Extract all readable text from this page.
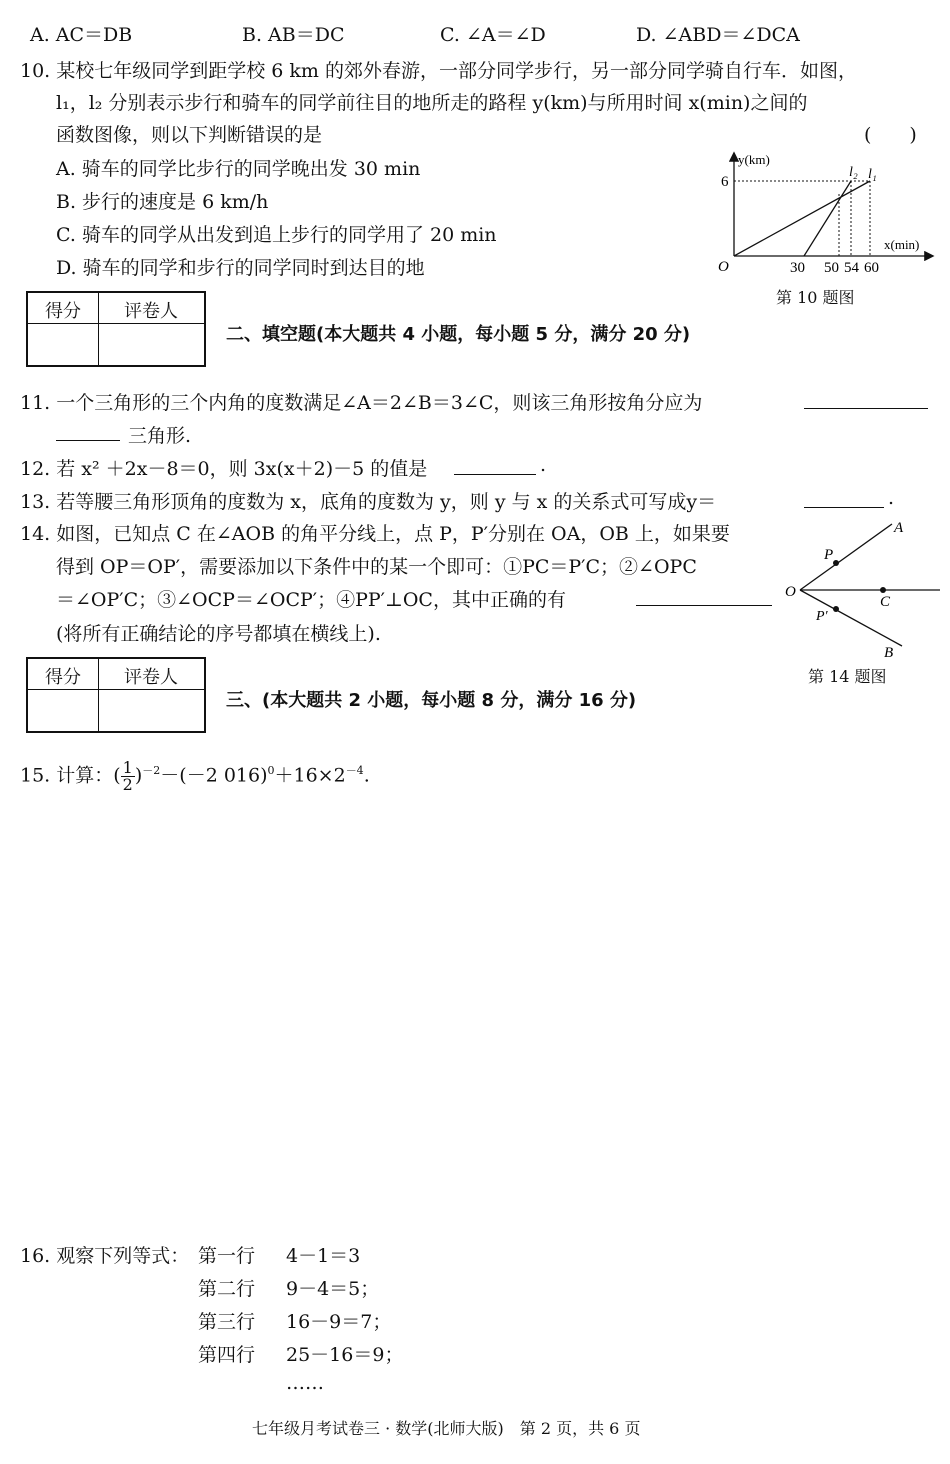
A. AC＝DB	B. AB＝DC	C. ∠A＝∠D	D. ∠ABD＝∠DCA
10. 某校七年级同学到距学校 6 km 的郊外春游，一部分同学步行，另一部分同学骑自行车．如图，
l₁，l₂ 分别表示步行和骑车的同学前往目的地所走的路程 y(km)与所用时间 x(min)之间的
函数图像，则以下判断错误的是	(　　)
A. 骑车的同学比步行的同学晚出发 30 min
B. 步行的速度是 6 km/h
C. 骑车的同学从出发到追上步行的同学用了 20 min
D. 骑车的同学和步行的同学同时到达目的地
y(km)
x(min)
O
6
30 50 54 60
l₂ l₁
第 10 题图
得分	评卷人
二、填空题(本大题共 4 小题，每小题 5 分，满分 20 分)
11. 一个三角形的三个内角的度数满足∠A＝2∠B＝3∠C，则该三角形按角分应为
三角形.
12. 若 x² ＋2x－8＝0，则 3x(x＋2)－5 的值是	.
13. 若等腰三角形顶角的度数为 x，底角的度数为 y，则 y 与 x 的关系式可写成y＝	.
14. 如图，已知点 C 在∠AOB 的角平分线上，点 P，P′分别在 OA，OB 上，如果要
得到 OP＝OP′，需要添加以下条件中的某一个即可：①PC＝P′C；②∠OPC
＝∠OP′C；③∠OCP＝∠OCP′；④PP′⊥OC，其中正确的有
(将所有正确结论的序号都填在横线上).
A
B
O
C
P
P′
第 14 题图
得分	评卷人
三、(本大题共 2 小题，每小题 8 分，满分 16 分)
15. 计算：( $\frac{1}{2} )^{-2}-(-2$ $016)^0+16\times 2^{-4}$.
16. 观察下列等式： 第一行 4－1＝3
第二行 9－4＝5；
第三行 16－9＝7；
第四行 25－16＝9；
……
七年级月考试卷三 · 数学(北师大版)　第 2 页，共 6 页
